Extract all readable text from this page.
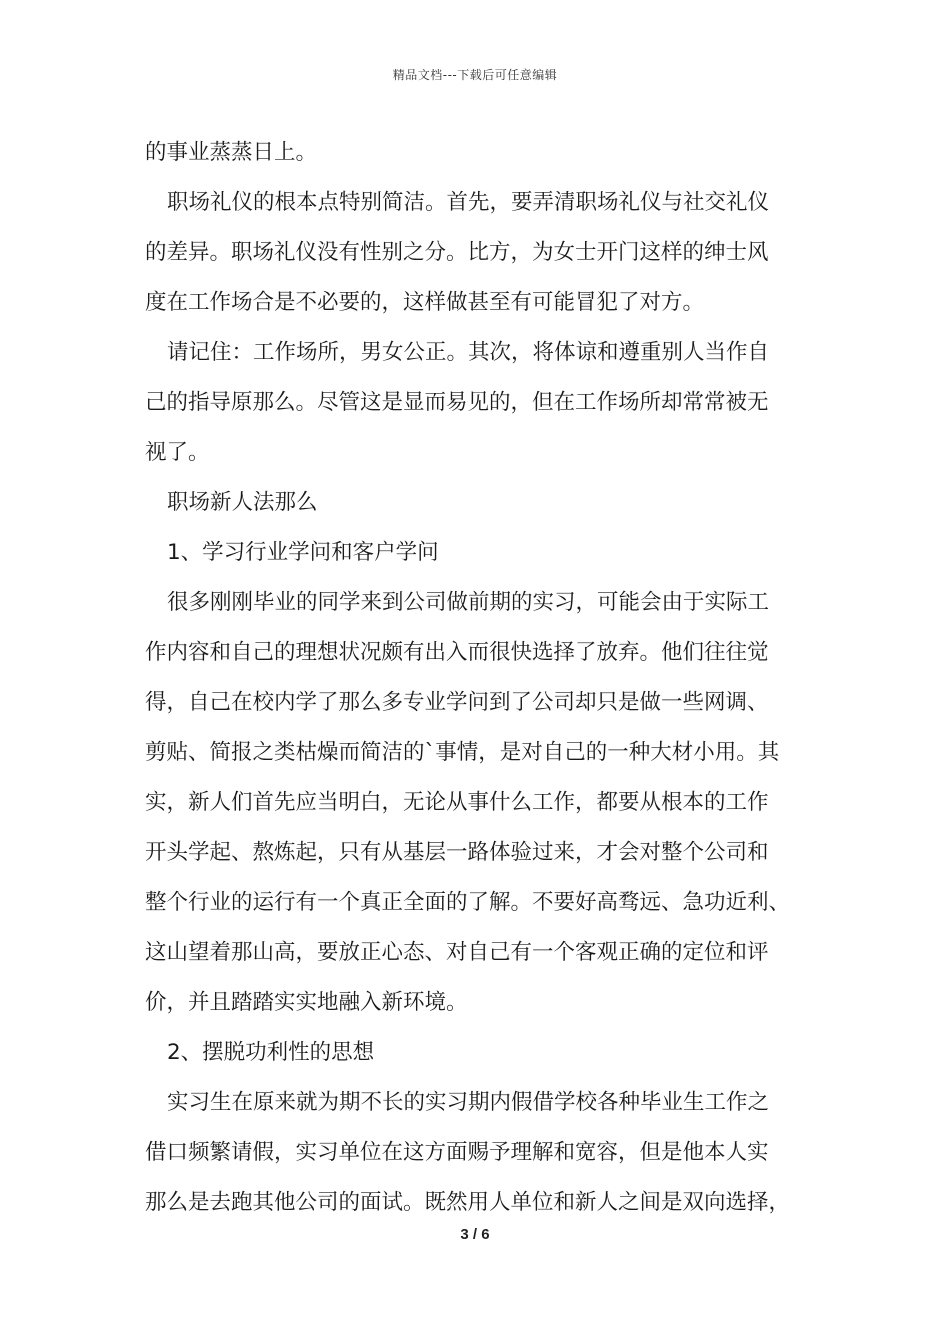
精品文档---下载后可任意编辑
的事业蒸蒸日上。
职场礼仪的根本点特别简洁。首先，要弄清职场礼仪与社交礼仪
的差异。职场礼仪没有性别之分。比方，为女士开门这样的绅士风
度在工作场合是不必要的，这样做甚至有可能冒犯了对方。
请记住：工作场所，男女公正。其次，将体谅和遵重别人当作自
己的指导原那么。尽管这是显而易见的，但在工作场所却常常被无
视了。
职场新人法那么
1、学习行业学问和客户学问
很多刚刚毕业的同学来到公司做前期的实习，可能会由于实际工
作内容和自己的理想状况颇有出入而很快选择了放弃。他们往往觉
得，自己在校内学了那么多专业学问到了公司却只是做一些网调、
剪贴、简报之类枯燥而简洁的`事情，是对自己的一种大材小用。其
实，新人们首先应当明白，无论从事什么工作，都要从根本的工作
开头学起、熬炼起，只有从基层一路体验过来，才会对整个公司和
整个行业的运行有一个真正全面的了解。不要好高骛远、急功近利、
这山望着那山高，要放正心态、对自己有一个客观正确的定位和评
价，并且踏踏实实地融入新环境。
2、摆脱功利性的思想
实习生在原来就为期不长的实习期内假借学校各种毕业生工作之
借口频繁请假，实习单位在这方面赐予理解和宽容，但是他本人实
那么是去跑其他公司的面试。既然用人单位和新人之间是双向选择，
3 / 6
